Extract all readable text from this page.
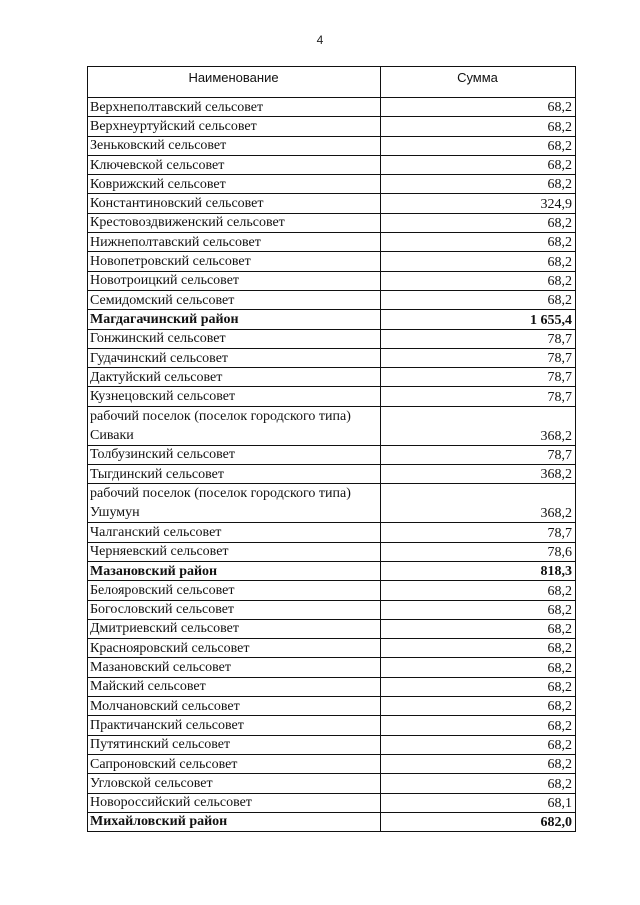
4
Наименование	Сумма
Верхнеполтавский сельсовет	68,2
Верхнеуртуйский сельсовет	68,2
Зеньковский сельсовет	68,2
Ключевской сельсовет	68,2
Коврижский сельсовет	68,2
Константиновский сельсовет	324,9
Крестовоздвиженский сельсовет	68,2
Нижнеполтавский сельсовет	68,2
Новопетровский сельсовет	68,2
Новотроицкий сельсовет	68,2
Семидомский сельсовет	68,2
Магдагачинский район	1 655,4
Гонжинский сельсовет	78,7
Гудачинский сельсовет	78,7
Дактуйский сельсовет	78,7
Кузнецовский сельсовет	78,7
рабочий поселок (поселок городского типа) Сиваки	368,2
Толбузинский сельсовет	78,7
Тыгдинский сельсовет	368,2
рабочий поселок (поселок городского типа) Ушумун	368,2
Чалганский сельсовет	78,7
Черняевский сельсовет	78,6
Мазановский район	818,3
Белояровский сельсовет	68,2
Богословский сельсовет	68,2
Дмитриевский сельсовет	68,2
Краснояровский сельсовет	68,2
Мазановский сельсовет	68,2
Майский сельсовет	68,2
Молчановский сельсовет	68,2
Практичанский сельсовет	68,2
Путятинский сельсовет	68,2
Сапроновский сельсовет	68,2
Угловской сельсовет	68,2
Новороссийский сельсовет	68,1
Михайловский район	682,0
